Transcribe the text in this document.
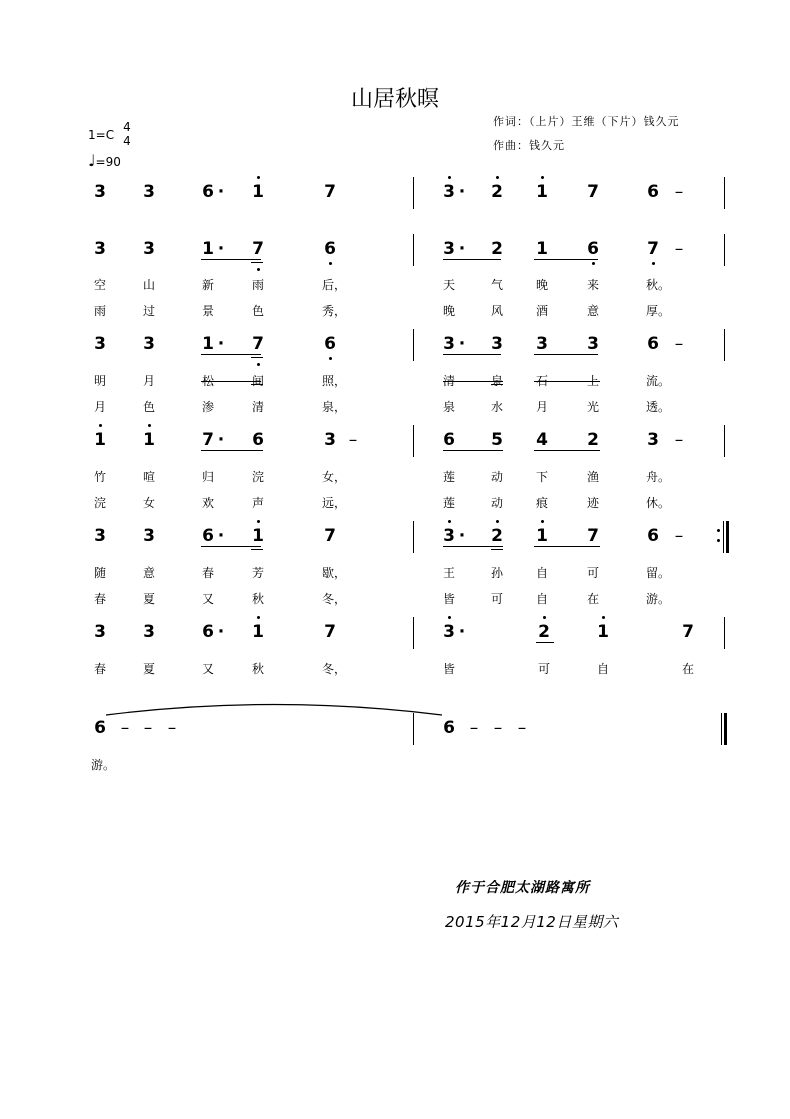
山居秋暝
作词：（上片）王维（下片）钱久元
作曲：钱久元
1=C
4
4
♩=90
3 3	6 · 1	7	3 · 2 1 7	6 –
3 3	1 · 7	6	3 · 2 1 6	7 –
空	山	新	雨	后，	天	气	晚	来	秋。
雨	过	景	色	秀，	晚	风	酒	意	厚。
3 3	1 · 7	6	3 · 3 3 3	6 –
明	月	松	间	照，	清	泉	石	上	流。
月	色	渗	清	泉，	泉	水	月	光	透。
1 1	7 · 6	3 –	6 5 4 2	3 –
竹	喧	归	浣	女，	莲	动	下	渔	舟。
浣	女	欢	声	远，	莲	动	痕	迹	休。
3 3	6 · 1	7	3 · 2 1 7	6 –
随	意	春	芳	歇，	王	孙	自	可	留。
春	夏	又	秋	冬，	皆	可	自	在	游。
3 3	6 · 1	7	3 ·	2	1	7
春	夏	又	秋	冬，	皆	可	自	在
6 – – –	6 – – –
游。
作于合肥太湖路寓所
2015年12月12日星期六
